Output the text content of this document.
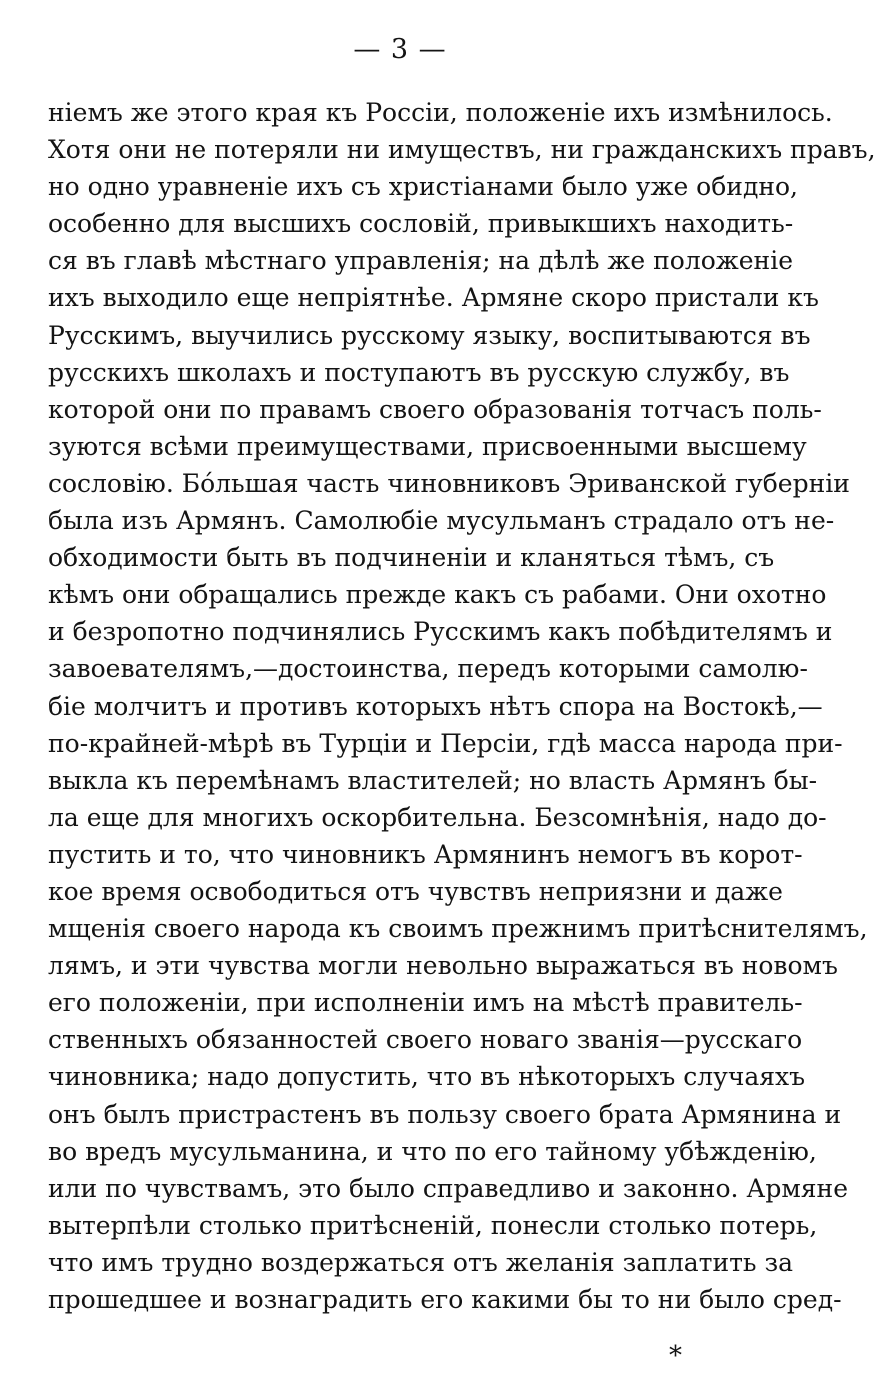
— 3 —
ніемъ же этого края къ Россіи, положеніе ихъ измѣнилось.
Хотя они не потеряли ни имуществъ, ни гражданскихъ правъ,
но одно уравненіе ихъ съ христіанами было уже обидно,
особенно для высшихъ сословій, привыкшихъ находить-
ся въ главѣ мѣстнаго управленія; на дѣлѣ же положеніе
ихъ выходило еще непріятнѣе. Армяне скоро пристали къ
Русскимъ, выучились русскому языку, воспитываются въ
русскихъ школахъ и поступаютъ въ русскую службу, въ
которой они по правамъ своего образованія тотчасъ поль-
зуются всѣми преимуществами, присвоенными высшему
сословію. Бóльшая часть чиновниковъ Эриванской губерніи
была изъ Армянъ. Самолюбіе мусульманъ страдало отъ не-
обходимости быть въ подчиненіи и кланяться тѣмъ, съ
кѣмъ они обращались прежде какъ съ рабами. Они охотно
и безропотно подчинялись Русскимъ какъ побѣдителямъ и
завоевателямъ,—достоинства, передъ которыми самолю-
біе молчитъ и противъ которыхъ нѣтъ спора на Востокѣ,—
по-крайней-мѣрѣ въ Турціи и Персіи, гдѣ масса народа при-
выкла къ перемѣнамъ властителей; но власть Армянъ бы-
ла еще для многихъ оскорбительна. Безсомнѣнія, надо до-
пустить и то, что чиновникъ Армянинъ немогъ въ корот-
кое время освободиться отъ чувствъ неприязни и даже
мщенія своего народа къ своимъ прежнимъ притѣснителямъ,
лямъ, и эти чувства могли невольно выражаться въ новомъ
его положеніи, при исполненіи имъ на мѣстѣ правитель-
ственныхъ обязанностей своего новаго званія—русскаго
чиновника; надо допустить, что въ нѣкоторыхъ случаяхъ
онъ былъ пристрастенъ въ пользу своего брата Армянина и
во вредъ мусульманина, и что по его тайному убѣжденію,
или по чувствамъ, это было справедливо и законно. Армяне
вытерпѣли столько притѣсненій, понесли столько потерь,
что имъ трудно воздержаться отъ желанія заплатить за
прошедшее и вознаградить его какими бы то ни было сред-
*
